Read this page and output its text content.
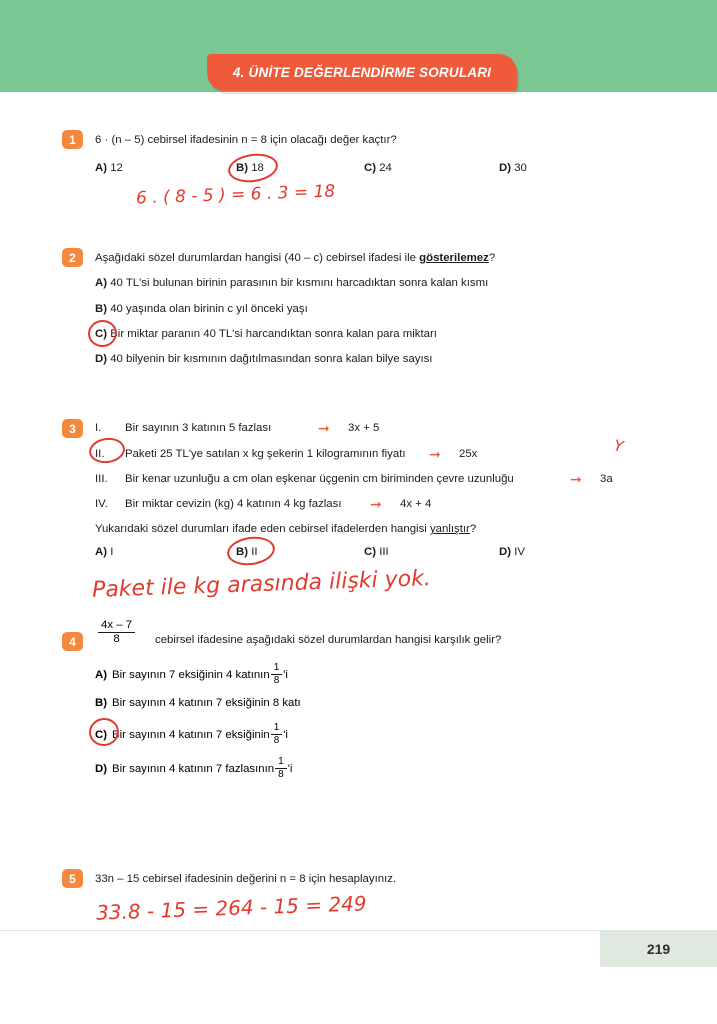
4. ÜNİTE DEĞERLENDİRME SORULARI
1	6 · (n – 5) cebirsel ifadesinin n = 8 için olacağı değer kaçtır?
A) 12	B) 18	C) 24	D) 30
6 . ( 8 - 5 ) = 6 . 3 = 18
2	Aşağıdaki sözel durumlardan hangisi (40 – c) cebirsel ifadesi ile gösterilemez?
A) 40 TL'si bulunan birinin parasının bir kısmını harcadıktan sonra kalan kısmı
B) 40 yaşında olan birinin c yıl önceki yaşı
C) Bir miktar paranın 40 TL'si harcandıktan sonra kalan para miktarı
D) 40 bilyenin bir kısmının dağıtılmasından sonra kalan bilye sayısı
3	I. Bir sayının 3 katının 5 fazlası	➞ 3x + 5
II. Paketi 25 TL'ye satılan x kg şekerin 1 kilogramının fiyatı ➞ 25x	Y
III. Bir kenar uzunluğu a cm olan eşkenar üçgenin cm biriminden çevre uzunluğu	➞ 3a
IV. Bir miktar cevizin (kg) 4 katının 4 kg fazlası ➞ 4x + 4
Yukarıdaki sözel durumları ifade eden cebirsel ifadelerden hangisi yanlıştır?
A) I	B) II	C) III	D) IV
Paket ile kg arasında ilişki yok.
4	$\frac{4x - 7}{8}$ cebirsel ifadesine aşağıdaki sözel durumlardan hangisi karşılık gelir?
A) Bir sayının 7 eksiğinin 4 katının $\frac{1}{8}$ 'i
B) Bir sayının 4 katının 7 eksiğinin 8 katı
C) Bir sayının 4 katının 7 eksiğinin $\frac{1}{8}$ 'i
D) Bir sayının 4 katının 7 fazlasının $\frac{1}{8}$ 'i
5	33n – 15 cebirsel ifadesinin değerini n = 8 için hesaplayınız.
33.8 - 15 = 264 - 15 = 249
219
